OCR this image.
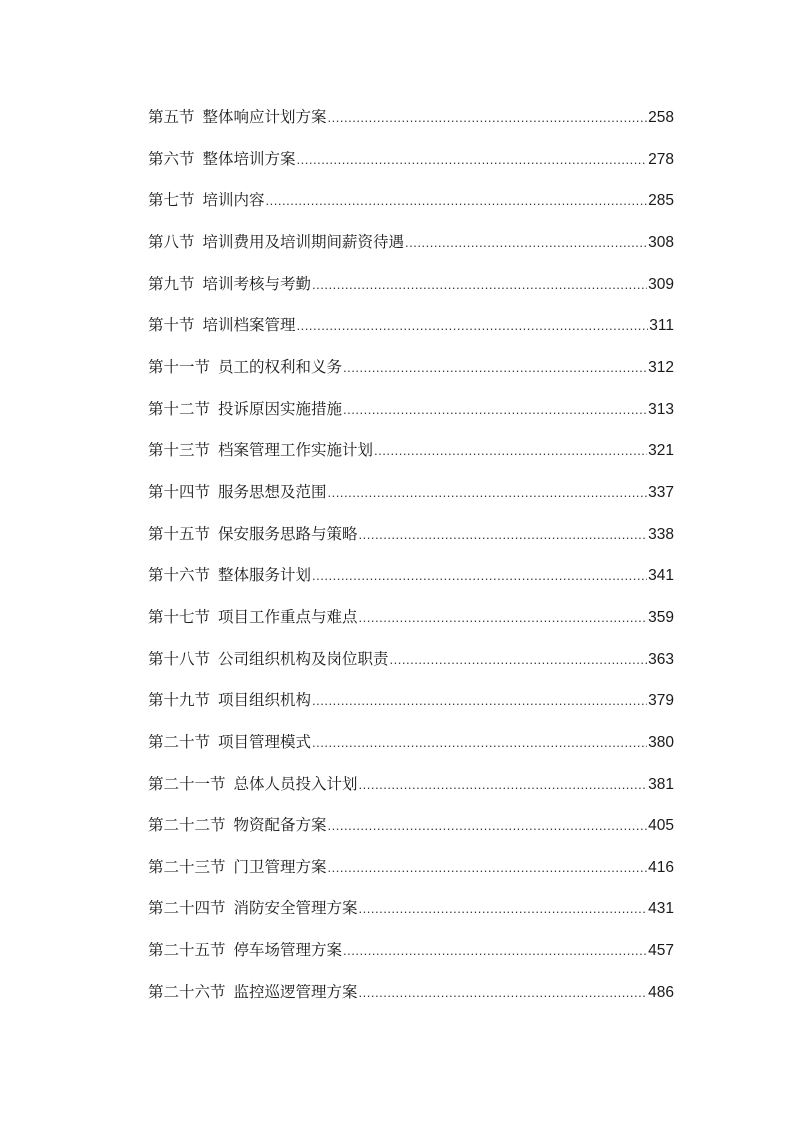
第五节 整体响应计划方案 .....	258
第六节 整体培训方案 .....	278
第七节 培训内容 .....	285
第八节 培训费用及培训期间薪资待遇 .....	308
第九节 培训考核与考勤 .....	309
第十节 培训档案管理 .....	311
第十一节 员工的权利和义务 .....	312
第十二节 投诉原因实施措施 .....	313
第十三节 档案管理工作实施计划 .....	321
第十四节 服务思想及范围 .....	337
第十五节 保安服务思路与策略 .....	338
第十六节 整体服务计划 .....	341
第十七节 项目工作重点与难点 .....	359
第十八节 公司组织机构及岗位职责 .....	363
第十九节 项目组织机构 .....	379
第二十节 项目管理模式 .....	380
第二十一节 总体人员投入计划 .....	381
第二十二节 物资配备方案 .....	405
第二十三节 门卫管理方案 .....	416
第二十四节 消防安全管理方案 .....	431
第二十五节 停车场管理方案 .....	457
第二十六节 监控巡逻管理方案 .....	486
